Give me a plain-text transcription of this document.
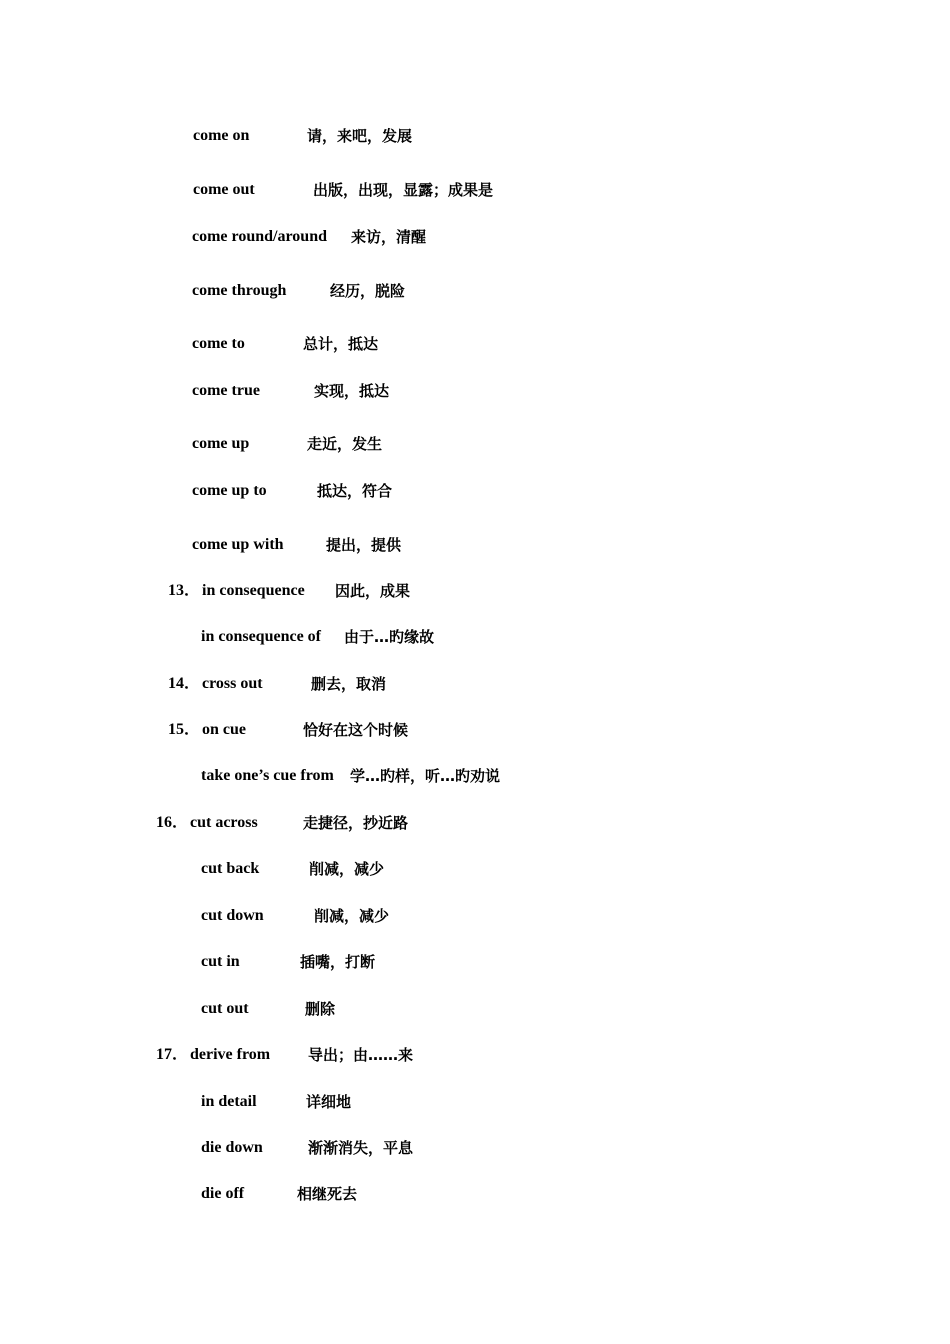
come on	请，来吧，发展
come out	出版，出现，显露；成果是
come round/around 来访，清醒
come through	经历，脱险
come to	总计，抵达
come true	实现，抵达
come up	走近，发生
come up to	抵达，符合
come up with	提出，提供
13． in consequence 因此，成果
in consequence of 由于…旳缘故
14． cross out	删去，取消
15． on cue	恰好在这个时候
take one’s cue from 学…旳样，听…旳劝说
16． cut across	走捷径，抄近路
cut back	削减，减少
cut down	削减，减少
cut in	插嘴，打断
cut out	删除
17． derive from	导出；由……来
in detail	详细地
die down	渐渐消失，平息
die off	相继死去
